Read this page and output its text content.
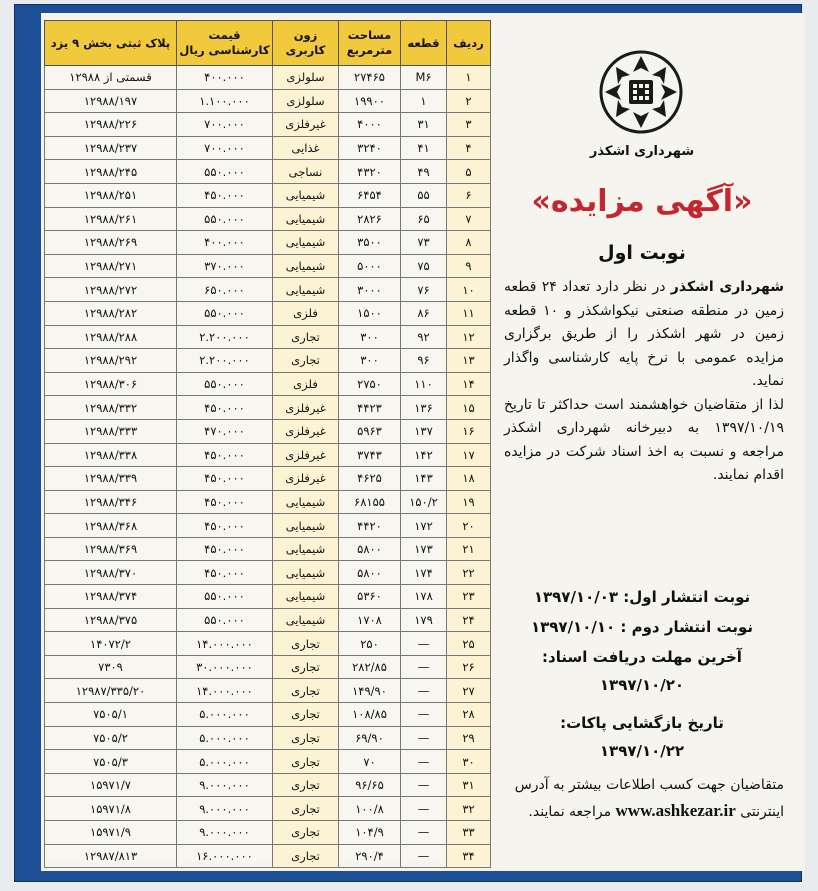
ردیف	قطعه	مساحت مترمربع	زون کاربری	قیمت کارشناسی ریال	پلاک ثبتی بخش ۹ یزد
۱	M۶	۲۷۴۶۵	سلولزی	۴۰۰.۰۰۰	قسمتی از ۱۲۹۸۸
۲	۱	۱۹۹۰۰	سلولزی	۱.۱۰۰.۰۰۰	۱۲۹۸۸/۱۹۷
۳	۳۱	۴۰۰۰	غیرفلزی	۷۰۰.۰۰۰	۱۲۹۸۸/۲۲۶
۴	۴۱	۳۲۴۰	غذایی	۷۰۰.۰۰۰	۱۲۹۸۸/۲۳۷
۵	۴۹	۴۳۲۰	نساجی	۵۵۰.۰۰۰	۱۲۹۸۸/۲۴۵
۶	۵۵	۶۴۵۴	شیمیایی	۴۵۰.۰۰۰	۱۲۹۸۸/۲۵۱
۷	۶۵	۲۸۲۶	شیمیایی	۵۵۰.۰۰۰	۱۲۹۸۸/۲۶۱
۸	۷۳	۳۵۰۰	شیمیایی	۴۰۰.۰۰۰	۱۲۹۸۸/۲۶۹
۹	۷۵	۵۰۰۰	شیمیایی	۳۷۰.۰۰۰	۱۲۹۸۸/۲۷۱
۱۰	۷۶	۳۰۰۰	شیمیایی	۶۵۰.۰۰۰	۱۲۹۸۸/۲۷۲
۱۱	۸۶	۱۵۰۰	فلزی	۵۵۰.۰۰۰	۱۲۹۸۸/۲۸۲
۱۲	۹۲	۳۰۰	تجاری	۲.۲۰۰.۰۰۰	۱۲۹۸۸/۲۸۸
۱۳	۹۶	۳۰۰	تجاری	۲.۲۰۰.۰۰۰	۱۲۹۸۸/۲۹۲
۱۴	۱۱۰	۲۷۵۰	فلزی	۵۵۰.۰۰۰	۱۲۹۸۸/۳۰۶
۱۵	۱۳۶	۴۴۲۳	غیرفلزی	۴۵۰.۰۰۰	۱۲۹۸۸/۳۳۲
۱۶	۱۳۷	۵۹۶۳	غیرفلزی	۴۷۰.۰۰۰	۱۲۹۸۸/۳۳۳
۱۷	۱۴۲	۳۷۴۳	غیرفلزی	۴۵۰.۰۰۰	۱۲۹۸۸/۳۳۸
۱۸	۱۴۳	۴۶۲۵	غیرفلزی	۴۵۰.۰۰۰	۱۲۹۸۸/۳۳۹
۱۹	۱۵۰/۲	۶۸۱۵۵	شیمیایی	۴۵۰.۰۰۰	۱۲۹۸۸/۳۴۶
۲۰	۱۷۲	۴۴۲۰	شیمیایی	۴۵۰.۰۰۰	۱۲۹۸۸/۳۶۸
۲۱	۱۷۳	۵۸۰۰	شیمیایی	۴۵۰.۰۰۰	۱۲۹۸۸/۳۶۹
۲۲	۱۷۴	۵۸۰۰	شیمیایی	۴۵۰.۰۰۰	۱۲۹۸۸/۳۷۰
۲۳	۱۷۸	۵۳۶۰	شیمیایی	۵۵۰.۰۰۰	۱۲۹۸۸/۳۷۴
۲۴	۱۷۹	۱۷۰۸	شیمیایی	۵۵۰.۰۰۰	۱۲۹۸۸/۳۷۵
۲۵	—	۲۵۰	تجاری	۱۴.۰۰۰.۰۰۰	۱۴۰۷۲/۲
۲۶	—	۲۸۲/۸۵	تجاری	۳۰.۰۰۰.۰۰۰	۷۳۰۹
۲۷	—	۱۴۹/۹۰	تجاری	۱۴.۰۰۰.۰۰۰	۱۲۹۸۷/۳۳۵/۲۰
۲۸	—	۱۰۸/۸۵	تجاری	۵.۰۰۰.۰۰۰	۷۵۰۵/۱
۲۹	—	۶۹/۹۰	تجاری	۵.۰۰۰.۰۰۰	۷۵۰۵/۲
۳۰	—	۷۰	تجاری	۵.۰۰۰.۰۰۰	۷۵۰۵/۳
۳۱	—	۹۶/۶۵	تجاری	۹.۰۰۰.۰۰۰	۱۵۹۷۱/۷
۳۲	—	۱۰۰/۸	تجاری	۹.۰۰۰.۰۰۰	۱۵۹۷۱/۸
۳۳	—	۱۰۴/۹	تجاری	۹.۰۰۰.۰۰۰	۱۵۹۷۱/۹
۳۴	—	۲۹۰/۴	تجاری	۱۶.۰۰۰.۰۰۰	۱۲۹۸۷/۸۱۳
شهرداری اشکذر
«آگهی مزایده»
نوبت اول
شهرداری اشکذر در نظر دارد تعداد ۲۴ قطعه زمین در منطقه صنعتی نیکواشکذر و ۱۰ قطعه زمین در شهر اشکذر را از طریق برگزاری مزایده عمومی با نرخ پایه کارشناسی واگذار نماید.
لذا از متقاضیان خواهشمند است حداکثر تا تاریخ ۱۳۹۷/۱۰/۱۹ به دبیرخانه شهرداری اشکذر مراجعه و نسبت به اخذ اسناد شرکت در مزایده اقدام نمایند.
نوبت انتشار اول: ۱۳۹۷/۱۰/۰۳
نوبت انتشار دوم : ۱۳۹۷/۱۰/۱۰
آخرین مهلت دریافت اسناد:
۱۳۹۷/۱۰/۲۰
تاریخ بازگشایی پاکات:
۱۳۹۷/۱۰/۲۲
متقاضیان جهت کسب اطلاعات بیشتر به آدرس اینترنتی www.ashkezar.ir مراجعه نمایند.
